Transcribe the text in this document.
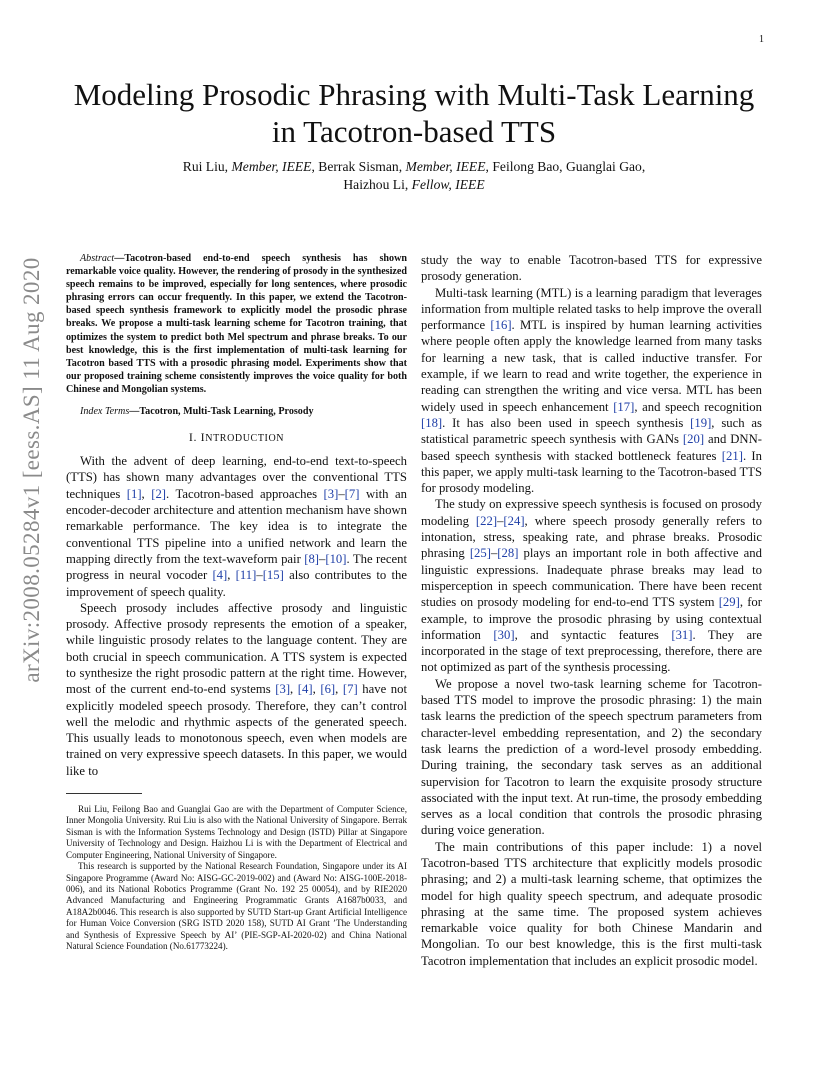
1
arXiv:2008.05284v1 [eess.AS] 11 Aug 2020
Modeling Prosodic Phrasing with Multi-Task Learning in Tacotron-based TTS
Rui Liu, Member, IEEE, Berrak Sisman, Member, IEEE, Feilong Bao, Guanglai Gao,
Haizhou Li, Fellow, IEEE

Abstract—Tacotron-based end-to-end speech synthesis has shown remarkable voice quality. However, the rendering of prosody in the synthesized speech remains to be improved, especially for long sentences, where prosodic phrasing errors can occur frequently. In this paper, we extend the Tacotron-based speech synthesis framework to explicitly model the prosodic phrase breaks. We propose a multi-task learning scheme for Tacotron training, that optimizes the system to predict both Mel spectrum and phrase breaks. To our best knowledge, this is the first implementation of multi-task learning for Tacotron based TTS with a prosodic phrasing model. Experiments show that our proposed training scheme consistently improves the voice quality for both Chinese and Mongolian systems.

Index Terms—Tacotron, Multi-Task Learning, Prosody

I. INTRODUCTION

With the advent of deep learning, end-to-end text-to-speech (TTS) has shown many advantages over the conventional TTS techniques [1], [2]. Tacotron-based approaches [3]–[7] with an encoder-decoder architecture and attention mechanism have shown remarkable performance. The key idea is to integrate the conventional TTS pipeline into a unified network and learn the mapping directly from the text-waveform pair [8]–[10]. The recent progress in neural vocoder [4], [11]–[15] also contributes to the improvement of speech quality.

Speech prosody includes affective prosody and linguistic prosody. Affective prosody represents the emotion of a speaker, while linguistic prosody relates to the language content. They are both crucial in speech communication. A TTS system is expected to synthesize the right prosodic pattern at the right time. However, most of the current end-to-end systems [3], [4], [6], [7] have not explicitly modeled speech prosody. Therefore, they can’t control well the melodic and rhythmic aspects of the generated speech. This usually leads to monotonous speech, even when models are trained on very expressive speech datasets. In this paper, we would like to

Rui Liu, Feilong Bao and Guanglai Gao are with the Department of Computer Science, Inner Mongolia University. Rui Liu is also with the National University of Singapore. Berrak Sisman is with the Information Systems Technology and Design (ISTD) Pillar at Singapore University of Technology and Design. Haizhou Li is with the Department of Electrical and Computer Engineering, National University of Singapore.

This research is supported by the National Research Foundation, Singapore under its AI Singapore Programme (Award No: AISG-GC-2019-002) and (Award No: AISG-100E-2018-006), and its National Robotics Programme (Grant No. 192 25 00054), and by RIE2020 Advanced Manufacturing and Engineering Programmatic Grants A1687b0033, and A18A2b0046. This research is also supported by SUTD Start-up Grant Artificial Intelligence for Human Voice Conversion (SRG ISTD 2020 158), SUTD AI Grant ’The Understanding and Synthesis of Expressive Speech by AI’ (PIE-SGP-AI-2020-02) and China National Natural Science Foundation (No.61773224).

study the way to enable Tacotron-based TTS for expressive prosody generation.

Multi-task learning (MTL) is a learning paradigm that leverages information from multiple related tasks to help improve the overall performance [16]. MTL is inspired by human learning activities where people often apply the knowledge learned from many tasks for learning a new task, that is called inductive transfer. For example, if we learn to read and write together, the experience in reading can strengthen the writing and vice versa. MTL has been widely used in speech enhancement [17], and speech recognition [18]. It has also been used in speech synthesis [19], such as statistical parametric speech synthesis with GANs [20] and DNN-based speech synthesis with stacked bottleneck features [21]. In this paper, we apply multi-task learning to the Tacotron-based TTS for prosody modeling.

The study on expressive speech synthesis is focused on prosody modeling [22]–[24], where speech prosody generally refers to intonation, stress, speaking rate, and phrase breaks. Prosodic phrasing [25]–[28] plays an important role in both affective and linguistic expressions. Inadequate phrase breaks may lead to misperception in speech communication. There have been recent studies on prosody modeling for end-to-end TTS system [29], for example, to improve the prosodic phrasing by using contextual information [30], and syntactic features [31]. They are incorporated in the stage of text preprocessing, therefore, there are not optimized as part of the synthesis processing.

We propose a novel two-task learning scheme for Tacotron-based TTS model to improve the prosodic phrasing: 1) the main task learns the prediction of the speech spectrum parameters from character-level embedding representation, and 2) the secondary task learns the prediction of a word-level prosody embedding. During training, the secondary task serves as an additional supervision for Tacotron to learn the exquisite prosody structure associated with the input text. At run-time, the prosody embedding serves as a local condition that controls the prosodic phrasing during voice generation.

The main contributions of this paper include: 1) a novel Tacotron-based TTS architecture that explicitly models prosodic phrasing; and 2) a multi-task learning scheme, that optimizes the model for high quality speech spectrum, and adequate prosodic phrasing at the same time. The proposed system achieves remarkable voice quality for both Chinese Mandarin and Mongolian. To our best knowledge, this is the first multi-task Tacotron implementation that includes an explicit prosodic model.
